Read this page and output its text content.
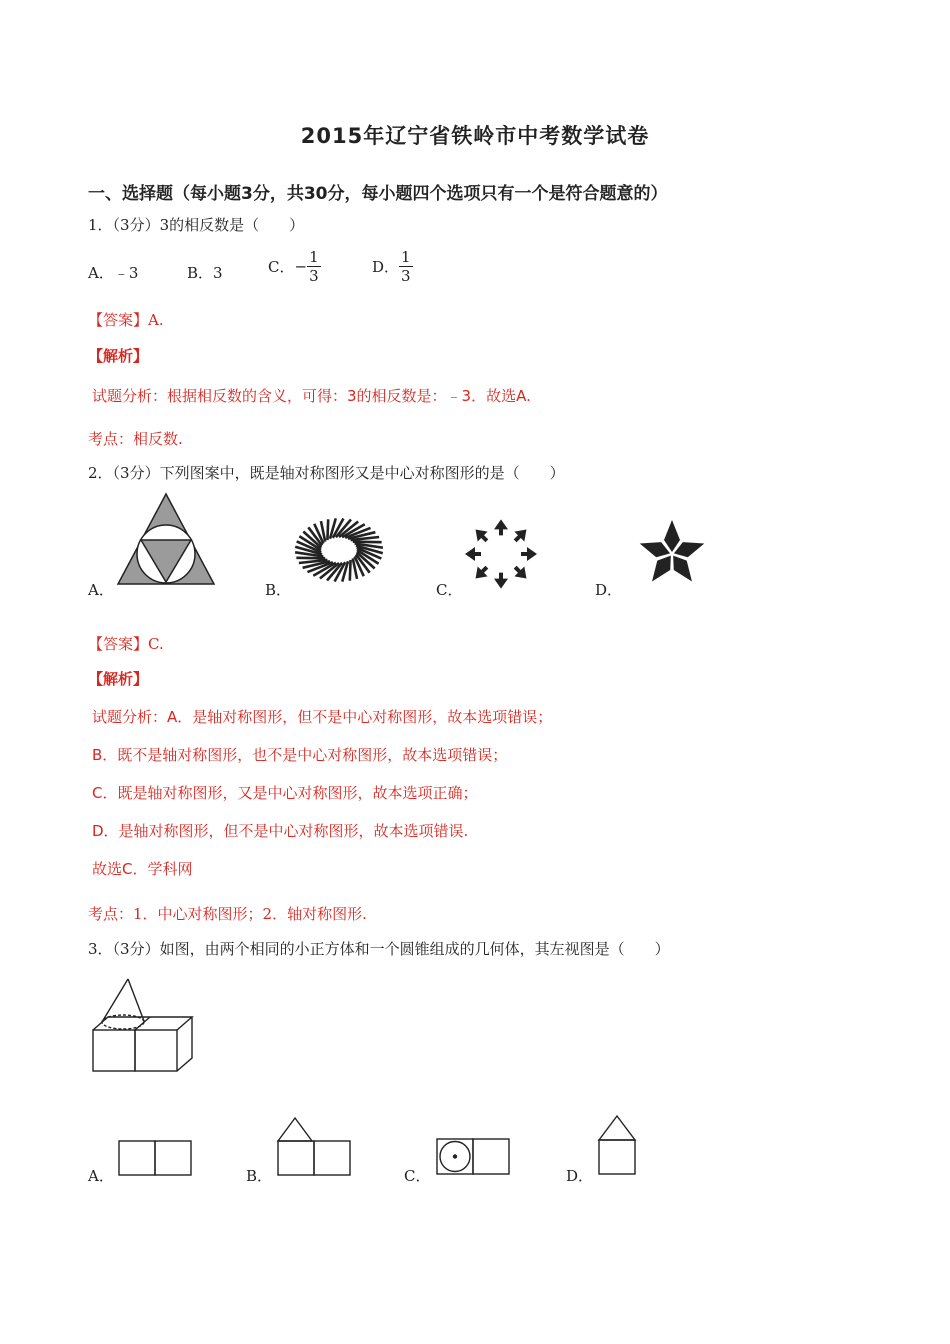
2015年辽宁省铁岭市中考数学试卷
一、选择题（每小题3分，共30分，每小题四个选项只有一个是符合题意的）
1．（3分）3的相反数是（　　）
A．﹣3	B．3	C．− $\frac{1}{3}$	D． $\frac{1}{3}$
【答案】A.
【解析】
试题分析：根据相反数的含义，可得：3的相反数是：﹣3．故选A.
考点：相反数.
2．（3分）下列图案中，既是轴对称图形又是中心对称图形的是（　　）
A．	B．	C．	D．
【答案】C.
【解析】
试题分析：A．是轴对称图形，但不是中心对称图形，故本选项错误；
B．既不是轴对称图形，也不是中心对称图形，故本选项错误；
C．既是轴对称图形，又是中心对称图形，故本选项正确；
D．是轴对称图形，但不是中心对称图形，故本选项错误.
故选C．学科网
考点：1．中心对称图形；2．轴对称图形.
3．（3分）如图，由两个相同的小正方体和一个圆锥组成的几何体，其左视图是（　　）
A．	B．	C．	D．
